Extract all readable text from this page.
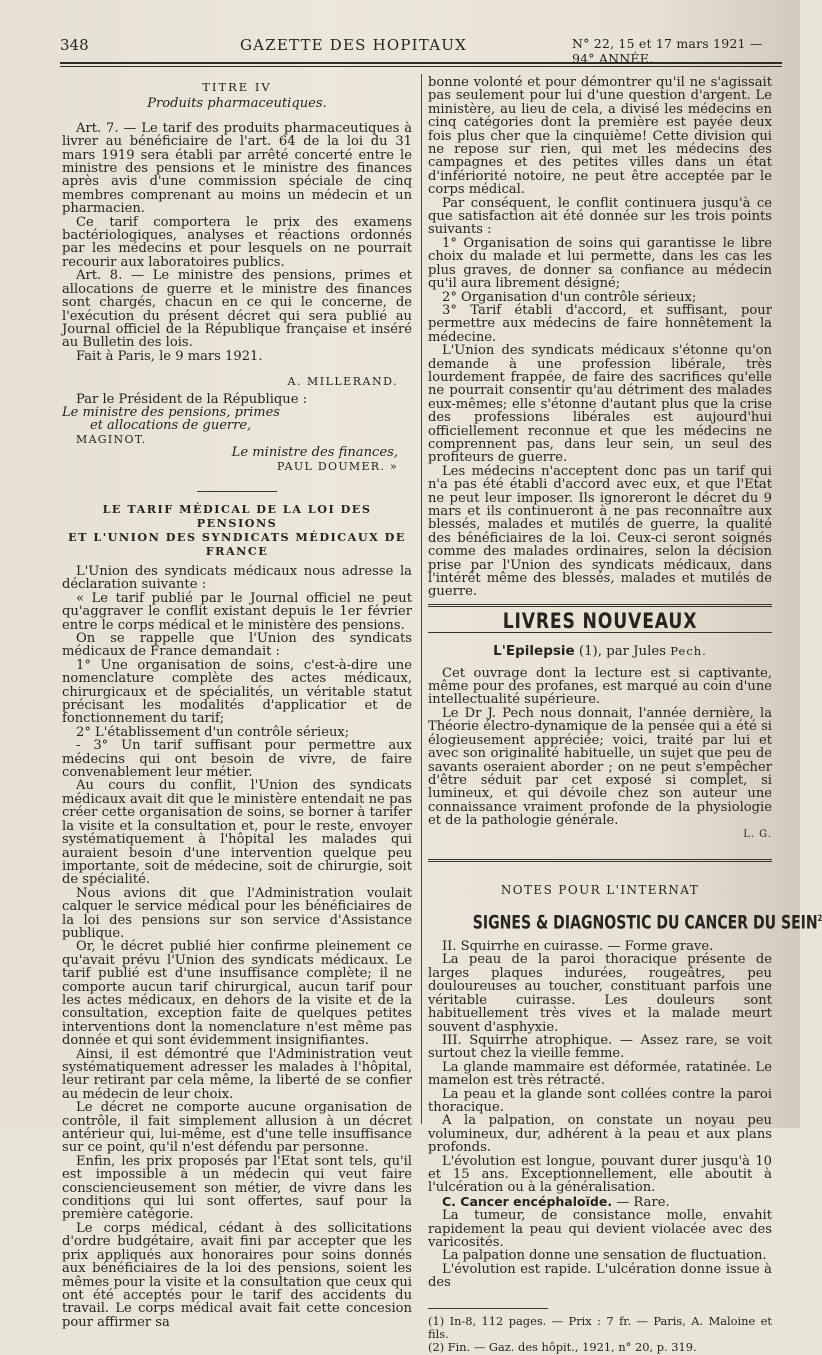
348	GAZETTE DES HOPITAUX	N° 22, 15 et 17 mars 1921 — 94° ANNÉE.
TITRE IV
Produits pharmaceutiques.

Art. 7. — Le tarif des produits pharmaceutiques à livrer au bénéficiaire de l'art. 64 de la loi du 31 mars 1919 sera établi par arrêté concerté entre le ministre des pensions et le ministre des finances après avis d'une commission spéciale de cinq membres comprenant au moins un médecin et un pharmacien.

Ce tarif comportera le prix des examens bactériologiques, analyses et réactions ordonnés par les médecins et pour lesquels on ne pourrait recourir aux laboratoires publics.

Art. 8. — Le ministre des pensions, primes et allocations de guerre et le ministre des finances sont chargés, chacun en ce qui le concerne, de l'exécution du présent décret qui sera publié au Journal officiel de la République française et inséré au Bulletin des lois.

Fait à Paris, le 9 mars 1921.

A. MILLERAND.

Par le Président de la République :

Le ministre des pensions, primes
et allocations de guerre,
MAGINOT.
Le ministre des finances,
PAUL DOUMER. »
LE TARIF MÉDICAL DE LA LOI DES PENSIONS
ET L'UNION DES SYNDICATS MÉDICAUX DE FRANCE

L'Union des syndicats médicaux nous adresse la déclaration suivante :

« Le tarif publié par le Journal officiel ne peut qu'aggraver le conflit existant depuis le 1er février entre le corps médical et le ministère des pensions.

On se rappelle que l'Union des syndicats médicaux de France demandait :

1° Une organisation de soins, c'est-à-dire une nomenclature complète des actes médicaux, chirurgicaux et de spécialités, un véritable statut précisant les modalités d'applicatior et de fonctionnement du tarif;

2° L'établissement d'un contrôle sérieux;

- 3° Un tarif suffisant pour permettre aux médecins qui ont besoin de vivre, de faire convenablement leur métier.

Au cours du conflit, l'Union des syndicats médicaux avait dit que le ministère entendait ne pas créer cette organisation de soins, se borner à tarifer la visite et la consultation et, pour le reste, envoyer systématiquement à l'hôpital les malades qui auraient besoin d'une intervention quelque peu importante, soit de médecine, soit de chirurgie, soit de spécialité.

Nous avions dit que l'Administration voulait calquer le service médical pour les bénéficiaires de la loi des pensions sur son service d'Assistance publique.

Or, le décret publié hier confirme pleinement ce qu'avait prévu l'Union des syndicats médicaux. Le tarif publié est d'une insuffisance complète; il ne comporte aucun tarif chirurgical, aucun tarif pour les actes médicaux, en dehors de la visite et de la consultation, exception faite de quelques petites interventions dont la nomenclature n'est même pas donnée et qui sont évidemment insignifiantes.

Ainsi, il est démontré que l'Administration veut systématiquement adresser les malades à l'hôpital, leur retirant par cela même, la liberté de se confier au médecin de leur choix.

Le décret ne comporte aucune organisation de contrôle, il fait simplement allusion à un décret antérieur qui, lui-même, est d'une telle insuffisance sur ce point, qu'il n'est défendu par personne.

Enfin, les prix proposés par l'Etat sont tels, qu'il est impossible à un médecin qui veut faire consciencieusement son métier, de vivre dans les conditions qui lui sont offertes, sauf pour la première catégorie.

Le corps médical, cédant à des sollicitations d'ordre budgétaire, avait fini par accepter que les prix appliqués aux honoraires pour soins donnés aux bénéficiaires de la loi des pensions, soient les mêmes pour la visite et la consultation que ceux qui ont été acceptés pour le tarif des accidents du travail. Le corps médical avait fait cette concesion pour affirmer sa

bonne volonté et pour démontrer qu'il ne s'agissait pas seulement pour lui d'une question d'argent. Le ministère, au lieu de cela, a divisé les médecins en cinq catégories dont la première est payée deux fois plus cher que la cinquième! Cette division qui ne repose sur rien, qui met les médecins des campagnes et des petites villes dans un état d'infériorité notoire, ne peut être acceptée par le corps médical.

Par conséquent, le conflit continuera jusqu'à ce que satisfaction ait été donnée sur les trois points suivants :

1° Organisation de soins qui garantisse le libre choix du malade et lui permette, dans les cas les plus graves, de donner sa confiance au médecin qu'il aura librement désigné;

2° Organisation d'un contrôle sérieux;

3° Tarif établi d'accord, et suffisant, pour permettre aux médecins de faire honnêtement la médecine.

L'Union des syndicats médicaux s'étonne qu'on demande à une profession libérale, très lourdement frappée, de faire des sacrifices qu'elle ne pourrait consentir qu'au détriment des malades eux-mêmes; elle s'étonne d'autant plus que la crise des professions libérales est aujourd'hui officiellement reconnue et que les médecins ne comprennent pas, dans leur sein, un seul des profiteurs de guerre.

Les médecins n'acceptent donc pas un tarif qui n'a pas été établi d'accord avec eux, et que l'Etat ne peut leur imposer. Ils ignoreront le décret du 9 mars et ils continueront à ne pas reconnaître aux blessés, malades et mutilés de guerre, la qualité des bénéficiaires de la loi. Ceux-ci seront soignés comme des malades ordinaires, selon la décision prise par l'Union des syndicats médicaux, dans l'intérêt même des blessés, malades et mutilés de guerre.

LIVRES NOUVEAUX
L'Epilepsie (1), par Jules Pech.

Cet ouvrage dont la lecture est si captivante, même pour des profanes, est marqué au coin d'une intellectualité supérieure.

Le Dr J. Pech nous donnait, l'année dernière, la Théorie électro-dynamique de la pensée qui a été si élogieusement appréciée; voici, traité par lui et avec son originalité habituelle, un sujet que peu de savants oseraient aborder ; on ne peut s'empêcher d'être séduit par cet exposé si complet, si lumineux, et qui dévoile chez son auteur une connaissance vraiment profonde de la physiologie et de la pathologie générale.

L. G.
NOTES POUR L'INTERNAT
SIGNES & DIAGNOSTIC DU CANCER DU SEIN$^2$

II. Squirrhe en cuirasse. — Forme grave.

La peau de la paroi thoracique présente de larges plaques indurées, rougeâtres, peu douloureuses au toucher, constituant parfois une véritable cuirasse. Les douleurs sont habituellement très vives et la malade meurt souvent d'asphyxie.

III. Squirrhe atrophique. — Assez rare, se voit surtout chez la vieille femme.

La glande mammaire est déformée, ratatinée. Le mamelon est très rétracté.

La peau et la glande sont collées contre la paroi thoracique.

A la palpation, on constate un noyau peu volumineux, dur, adhérent à la peau et aux plans profonds.

L'évolution est longue, pouvant durer jusqu'à 10 et 15 ans. Exceptionnellement, elle aboutit à l'ulcération ou à la généralisation.

C. Cancer encéphaloïde. — Rare.

La tumeur, de consistance molle, envahit rapidement la peau qui devient violacée avec des varicosités.

La palpation donne une sensation de fluctuation.

L'évolution est rapide. L'ulcération donne issue à des

(1) In-8, 112 pages. — Prix : 7 fr. — Paris, A. Maloine et fils.

(2) Fin. — Gaz. des hôpit., 1921, n° 20, p. 319.
